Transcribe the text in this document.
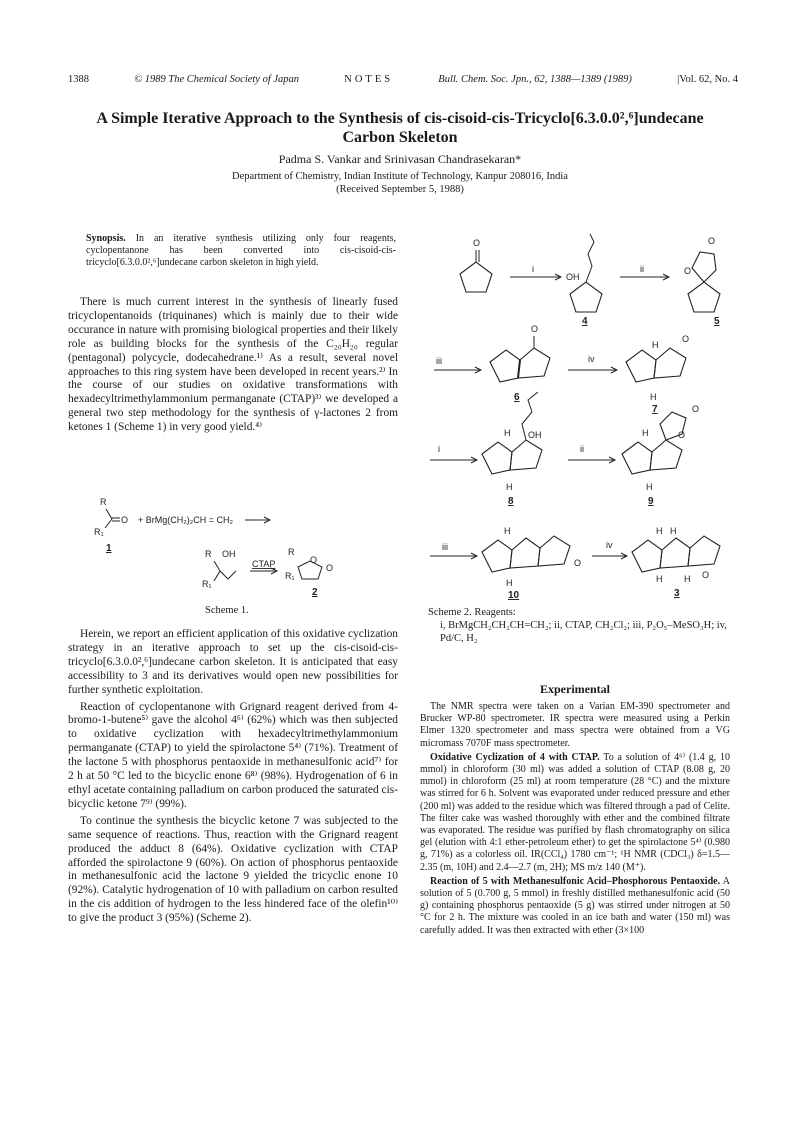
1388	© 1989 The Chemical Society of Japan	NOTES	Bull. Chem. Soc. Jpn., 62, 1388—1389 (1989)	|Vol. 62, No. 4
A Simple Iterative Approach to the Synthesis of cis-cisoid-cis-Tricyclo[6.3.0.0²,⁶]undecane Carbon Skeleton
Padma S. Vankar and Srinivasan Chandrasekaran*
Department of Chemistry, Indian Institute of Technology, Kanpur 208016, India
(Received September 5, 1988)
Synopsis. In an iterative synthesis utilizing only four reagents, cyclopentanone has been converted into cis-cisoid-cis-tricyclo[6.3.0.0²,⁶]undecane carbon skeleton in high yield.

There is much current interest in the synthesis of linearly fused tricyclopentanoids (triquinanes) which is mainly due to their wide occurance in nature with promising biological properties and their likely role as building blocks for the synthesis of the C₂₀H₂₀ regular (pentagonal) polycycle, dodecahedrane.¹⁾ As a result, several novel approaches to this ring system have been developed in recent years.²⁾ In the course of our studies on oxidative transformations with hexadecyltrimethylammonium permanganate (CTAP)³⁾ we developed a general two step methodology for the synthesis of γ-lactones 2 from ketones 1 (Scheme 1) in very good yield.⁴⁾

R
O
R₁
1
+ BrMg(CH₂)₂CH = CH₂
R OH
R₁
CTAP
R
O
O
R₁
2
Scheme 1.

Herein, we report an efficient application of this oxidative cyclization strategy in an iterative approach to set up the cis-cisoid-cis-tricyclo[6.3.0.0²,⁶]undecane carbon skeleton. It is anticipated that easy accessibility to 3 and its derivatives would open new possibilities for further synthetic exploitation.

Reaction of cyclopentanone with Grignard reagent derived from 4-bromo-1-butene⁵⁾ gave the alcohol 4⁶⁾ (62%) which was then subjected to oxidative cyclization with hexadecyltrimethylammonium permanganate (CTAP) to yield the spirolactone 5⁴⁾ (71%). Treatment of the lactone 5 with phosphorus pentaoxide in methanesulfonic acid⁷⁾ for 2 h at 50 °C led to the bicyclic enone 6⁸⁾ (98%). Hydrogenation of 6 in ethyl acetate containing palladium on carbon produced the saturated cis-bicyclic ketone 7⁹⁾ (99%).

To continue the synthesis the bicyclic ketone 7 was subjected to the same sequence of reactions. Thus, reaction with the Grignard reagent produced the adduct 8 (64%). Oxidative cyclization with CTAP afforded the spirolactone 9 (60%). On action of phosphorus pentaoxide in methanesulfonic acid the lactone 9 yielded the tricyclic enone 10 (92%). Catalytic hydrogenation of 10 with palladium on carbon resulted in the cis addition of hydrogen to the less hindered face of the olefin¹⁰⁾ to give the product 3 (95%) (Scheme 2).

O
i
OH
4
ii	O
O
5
iii
O
6
iv
H
H
O
7
i
H OH
H
8
ii
H	O
O
H
9
iii
O
H
H
10
iv
O
H H
H H
3
Scheme 2. Reagents:
i, BrMgCH₂CH₂CH=CH₂; ii, CTAP, CH₂Cl₂; iii, P₂O₅–MeSO₃H; iv, Pd/C, H₂
Experimental

The NMR spectra were taken on a Varian EM-390 spectrometer and Brucker WP-80 spectrometer. IR spectra were measured using a Perkin Elmer 1320 spectrometer and mass spectra were obtained from a VG micromass 7070F mass spectrometer.

Oxidative Cyclization of 4 with CTAP. To a solution of 4⁶⁾ (1.4 g, 10 mmol) in chloroform (30 ml) was added a solution of CTAP (8.08 g, 20 mmol) in chloroform (25 ml) at room temperature (28 °C) and the mixture was stirred for 6 h. Solvent was evaporated under reduced pressure and ether (200 ml) was added to the residue which was filtered through a pad of Celite. The filter cake was washed thoroughly with ether and the combined filtrate was evaporated. The residue was purified by flash chromatography on silica gel (elution with 4:1 ether-petroleum ether) to get the spirolactone 5⁴⁾ (0.980 g, 71%) as a colorless oil. IR(CCl₄) 1780 cm⁻¹; ¹H NMR (CDCl₃) δ=1.5—2.35 (m, 10H) and 2.4—2.7 (m, 2H); MS m/z 140 (M⁺).

Reaction of 5 with Methanesulfonic Acid–Phosphorous Pentaoxide. A solution of 5 (0.700 g, 5 mmol) in freshly distilled methanesulfonic acid (50 g) containing phosphorus pentaoxide (5 g) was stirred under nitrogen at 50 °C for 2 h. The mixture was cooled in an ice bath and water (150 ml) was carefully added. It was then extracted with ether (3×100
